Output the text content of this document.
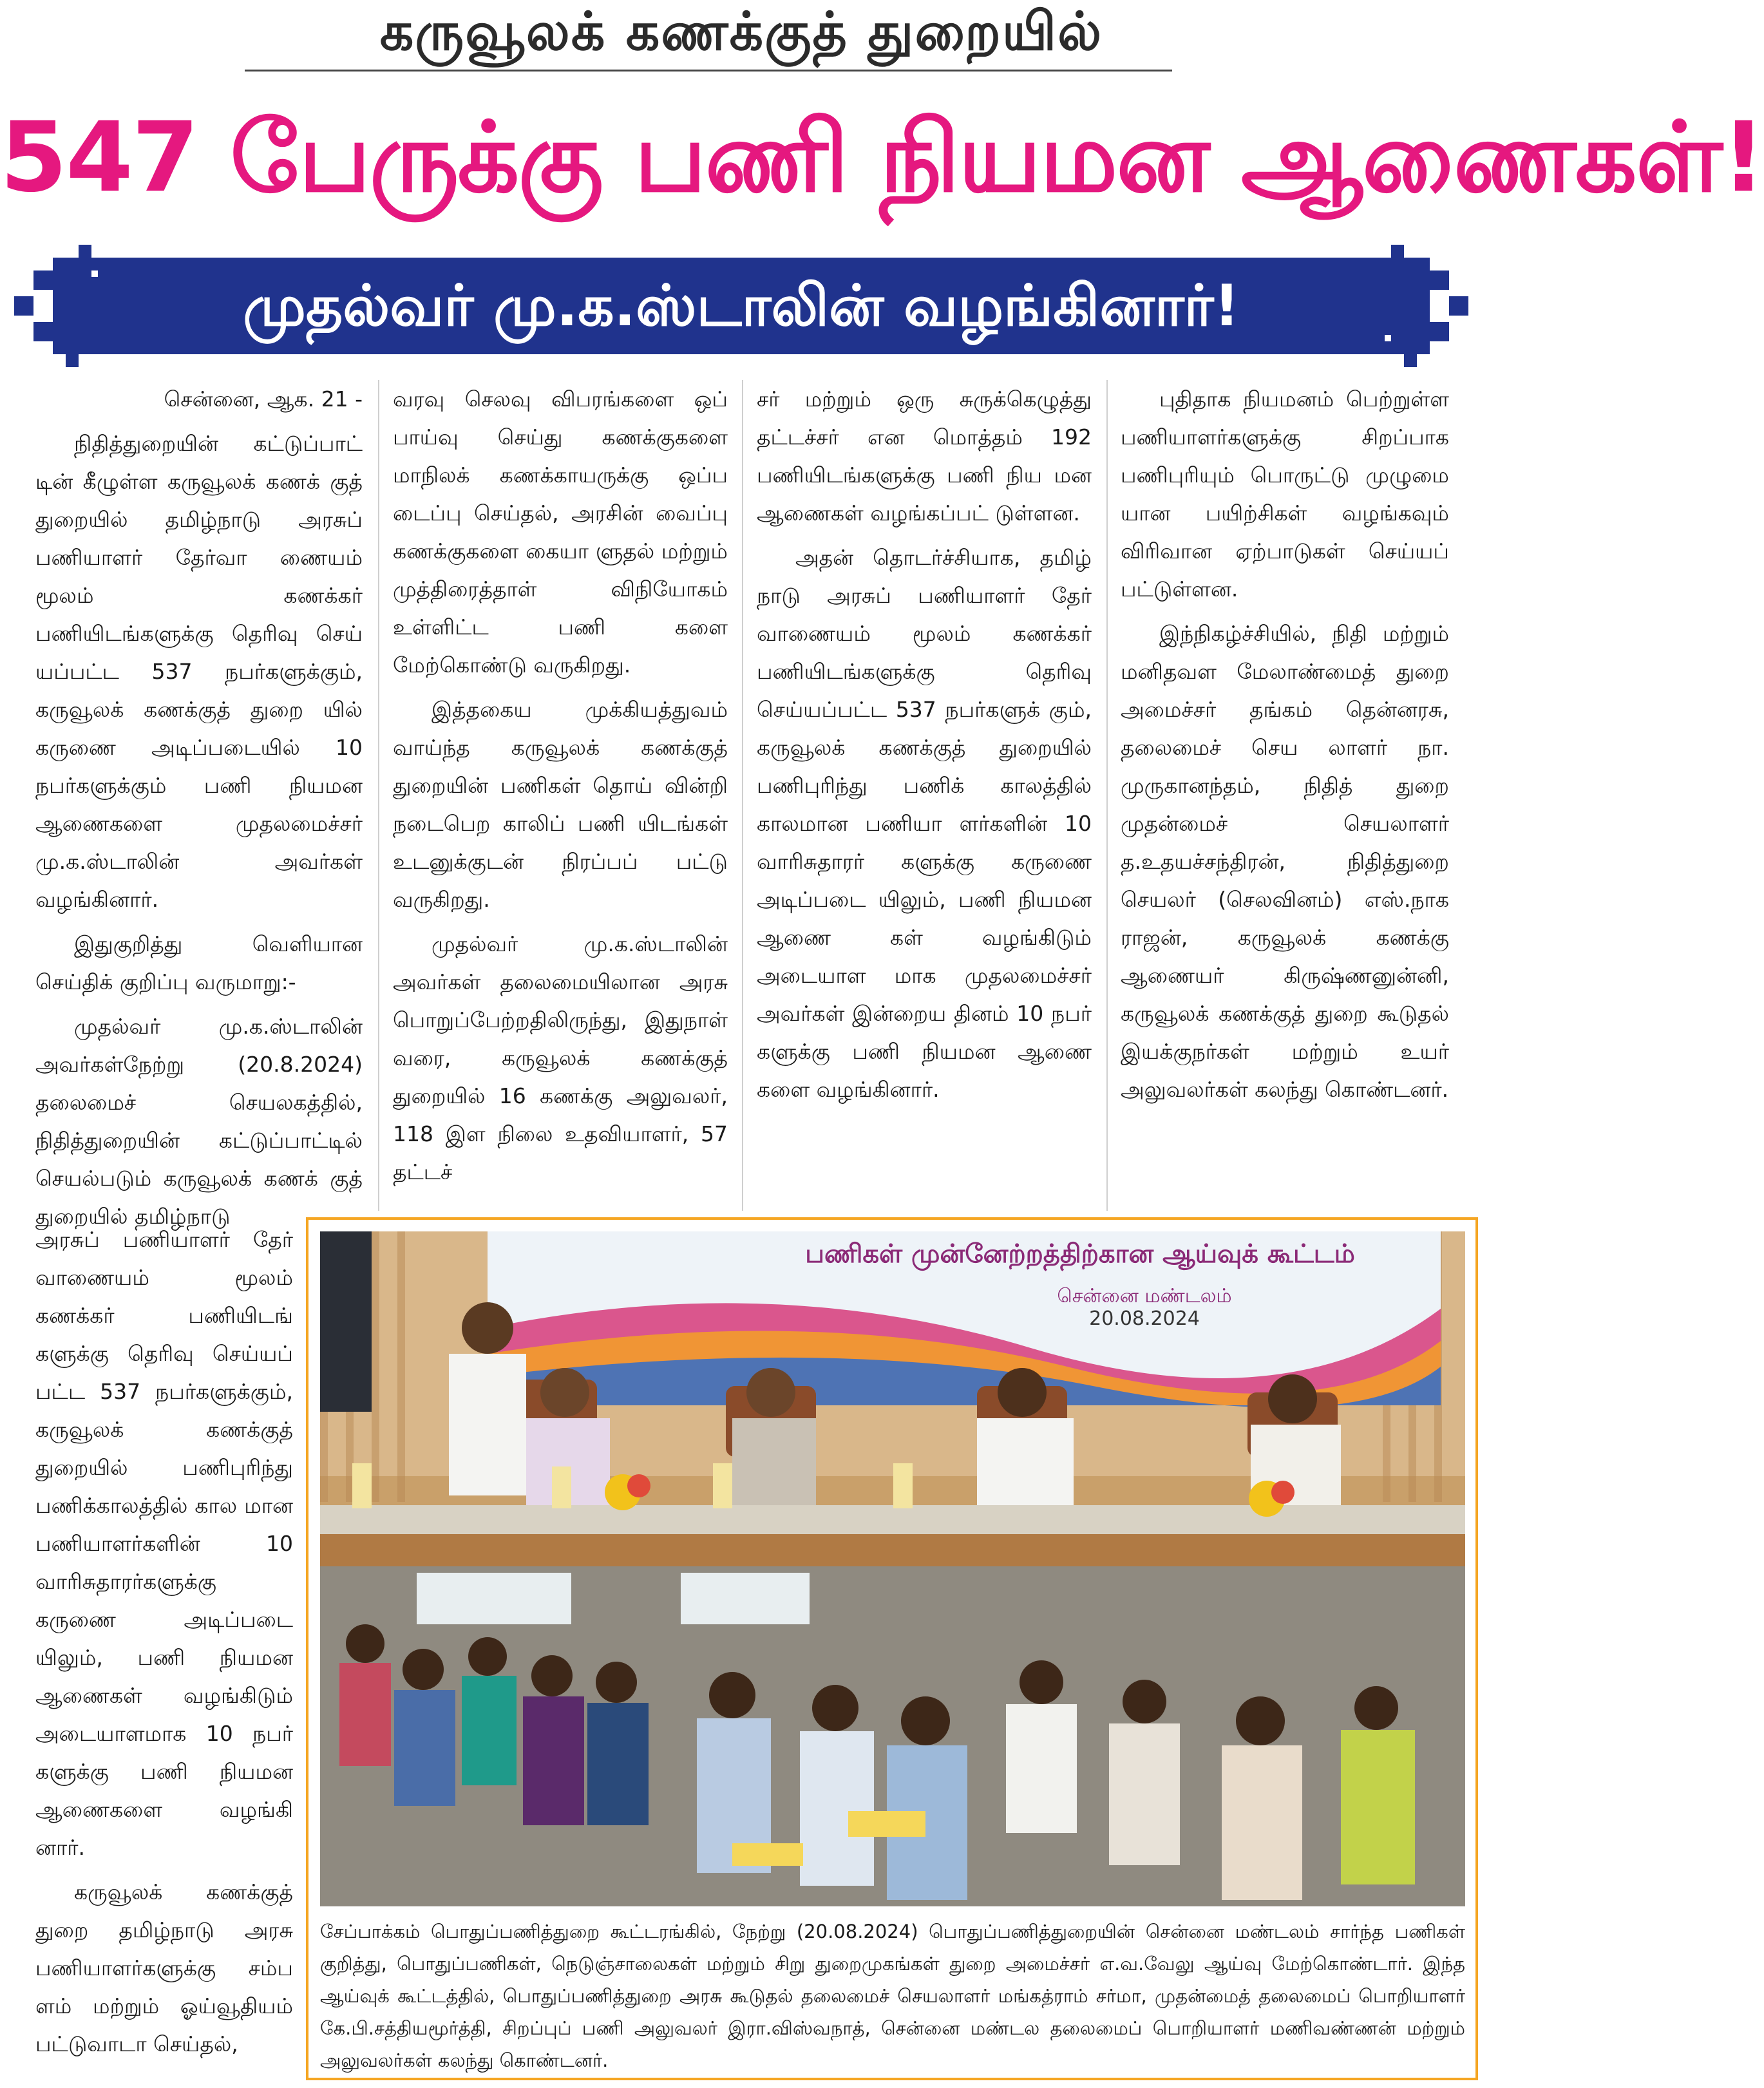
கருவூலக் கணக்குத் துறையில்
547 பேருக்கு பணி நியமன ஆணைகள்!
முதல்வர் மு.க.ஸ்டாலின் வழங்கினார்!

சென்னை, ஆக. 21 -

நிதித்துறையின் கட்டுப்பாட் டின் கீழுள்ள கருவூலக் கணக் குத் துறையில் தமிழ்நாடு அரசுப் பணியாளர் தேர்வா ணையம் மூலம் கணக்கர் பணியிடங்களுக்கு தெரிவு செய் யப்பட்ட 537 நபர்களுக்கும், கருவூலக் கணக்குத் துறை யில் கருணை அடிப்படையில் 10 நபர்களுக்கும் பணி நியமன ஆணைகளை முதலமைச்சர் மு.க.ஸ்டாலின் அவர்கள் வழங்கினார்.

இதுகுறித்து வெளியான செய்திக் குறிப்பு வருமாறு:-

முதல்வர் மு.க.ஸ்டாலின் அவர்கள்நேற்று (20.8.2024) தலைமைச் செயலகத்தில், நிதித்துறையின் கட்டுப்பாட்டில் செயல்படும் கருவூலக் கணக் குத் துறையில் தமிழ்நாடு

அரசுப் பணியாளர் தேர் வாணையம் மூலம் கணக்கர் பணியிடங் களுக்கு தெரிவு செய்யப் பட்ட 537 நபர்களுக்கும், கருவூலக் கணக்குத் துறையில் பணிபுரிந்து பணிக்காலத்தில் கால மான பணியாளர்களின் 10 வாரிசுதாரர்களுக்கு கருணை அடிப்படை யிலும், பணி நியமன ஆணைகள் வழங்கிடும் அடையாளமாக 10 நபர் களுக்கு பணி நியமன ஆணைகளை வழங்கி னார்.

கருவூலக் கணக்குத் துறை தமிழ்நாடு அரசு பணியாளர்களுக்கு சம்ப ளம் மற்றும் ஓய்வூதியம் பட்டுவாடா செய்தல்,

வரவு செலவு விபரங்களை ஒப் பாய்வு செய்து கணக்குகளை மாநிலக் கணக்காயருக்கு ஒப்ப டைப்பு செய்தல், அரசின் வைப்பு கணக்குகளை கையா ளுதல் மற்றும் முத்திரைத்தாள் விநியோகம் உள்ளிட்ட பணி களை மேற்கொண்டு வருகிறது.

இத்தகைய முக்கியத்துவம் வாய்ந்த கருவூலக் கணக்குத் துறையின் பணிகள் தொய் வின்றி நடைபெற காலிப் பணி யிடங்கள் உடனுக்குடன் நிரப்பப் பட்டு வருகிறது.

முதல்வர் மு.க.ஸ்டாலின் அவர்கள் தலைமையிலான அரசு பொறுப்பேற்றதிலிருந்து, இதுநாள் வரை, கருவூலக் கணக்குத் துறையில் 16 கணக்கு அலுவலர், 118 இள நிலை உதவியாளர், 57 தட்டச்

சர் மற்றும் ஒரு சுருக்கெழுத்து தட்டச்சர் என மொத்தம் 192 பணியிடங்களுக்கு பணி நிய மன ஆணைகள் வழங்கப்பட் டுள்ளன.

அதன் தொடர்ச்சியாக, தமிழ் நாடு அரசுப் பணியாளர் தேர் வாணையம் மூலம் கணக்கர் பணியிடங்களுக்கு தெரிவு செய்யப்பட்ட 537 நபர்களுக் கும், கருவூலக் கணக்குத் துறையில் பணிபுரிந்து பணிக் காலத்தில் காலமான பணியா ளர்களின் 10 வாரிசுதாரர் களுக்கு கருணை அடிப்படை யிலும், பணி நியமன ஆணை கள் வழங்கிடும் அடையாள மாக முதலமைச்சர் அவர்கள் இன்றைய தினம் 10 நபர் களுக்கு பணி நியமன ஆணை களை வழங்கினார்.

புதிதாக நியமனம் பெற்றுள்ள பணியாளர்களுக்கு சிறப்பாக பணிபுரியும் பொருட்டு முழுமை யான பயிற்சிகள் வழங்கவும் விரிவான ஏற்பாடுகள் செய்யப் பட்டுள்ளன.

இந்நிகழ்ச்சியில், நிதி மற்றும் மனிதவள மேலாண்மைத் துறை அமைச்சர் தங்கம் தென்னரசு, தலைமைச் செய லாளர் நா. முருகானந்தம், நிதித் துறை முதன்மைச் செயலாளர் த.உதயச்சந்திரன், நிதித்துறை செயலர் (செலவினம்) எஸ்.நாக ராஜன், கருவூலக் கணக்கு ஆணையர் கிருஷ்ணனுன்னி, கருவூலக் கணக்குத் துறை கூடுதல் இயக்குநர்கள் மற்றும் உயர் அலுவலர்கள் கலந்து கொண்டனர்.

பணிகள் முன்னேற்றத்திற்கான ஆய்வுக் கூட்டம்
சென்னை மண்டலம்
20.08.2024
சேப்பாக்கம் பொதுப்பணித்துறை கூட்டரங்கில், நேற்று (20.08.2024) பொதுப்பணித்துறையின் சென்னை மண்டலம் சார்ந்த பணிகள் குறித்து, பொதுப்பணிகள், நெடுஞ்சாலைகள் மற்றும் சிறு துறைமுகங்கள் துறை அமைச்சர் எ.வ.வேலு ஆய்வு மேற்கொண்டார். இந்த ஆய்வுக் கூட்டத்தில், பொதுப்பணித்துறை அரசு கூடுதல் தலைமைச் செயலாளர் மங்கத்ராம் சர்மா, முதன்மைத் தலைமைப் பொறியாளர் கே.பி.சத்தியமூர்த்தி, சிறப்புப் பணி அலுவலர் இரா.விஸ்வநாத், சென்னை மண்டல தலைமைப் பொறியாளர் மணிவண்ணன் மற்றும் அலுவலர்கள் கலந்து கொண்டனர்.
